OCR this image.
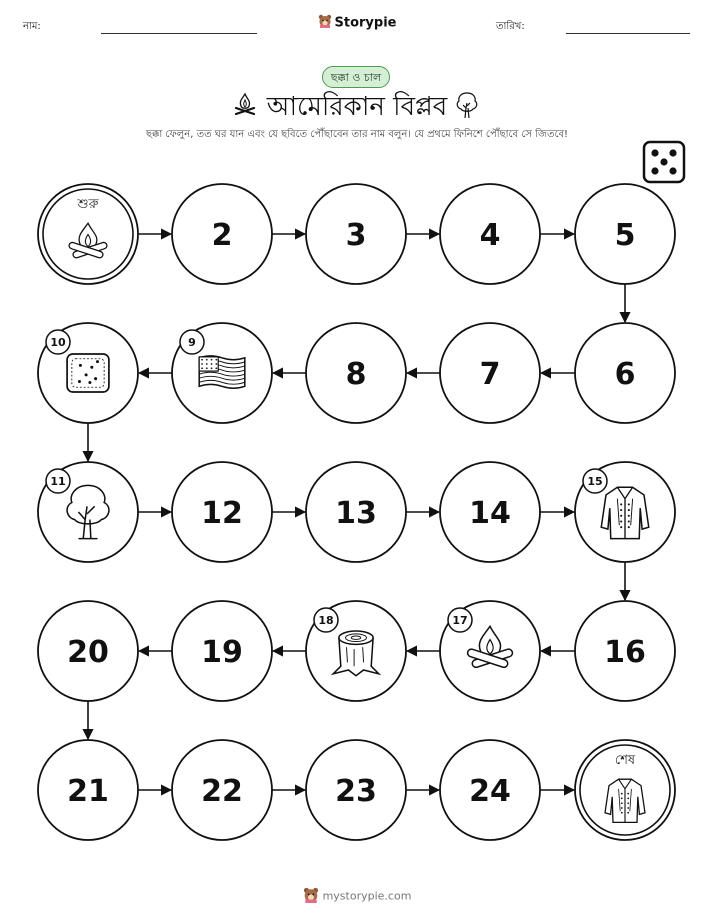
নাম:	Storypie	তারিখ:
ছক্কা ও চাল
আমেরিকান বিপ্লব
ছক্কা ফেলুন, তত ঘর যান এবং যে ছবিতে পৌঁছাবেন তার নাম বলুন। যে প্রথমে ফিনিশে পৌঁছাবে সে জিতবে!
শুরু
2	3	4	5
6
7
8
9
10
11
12	13	14
15
16
17
18
19
20
21	22	23	24
শেষ
mystorypie.com
